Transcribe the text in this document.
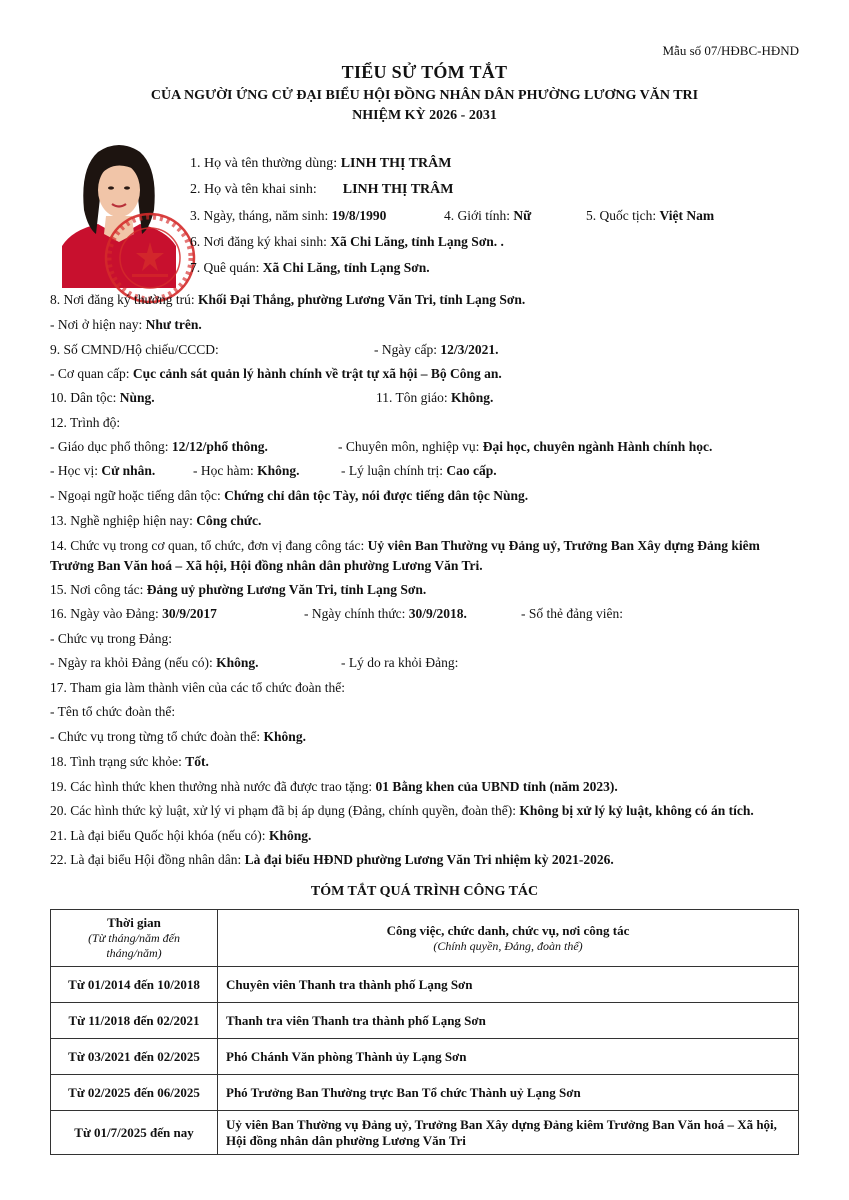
Mẫu số 07/HĐBC-HĐND
TIỂU SỬ TÓM TẮT
CỦA NGƯỜI ỨNG CỬ ĐẠI BIỂU HỘI ĐỒNG NHÂN DÂN PHƯỜNG LƯƠNG VĂN TRI
NHIỆM KỲ 2026 - 2031
1. Họ và tên thường dùng: LINH THỊ TRÂM
2. Họ và tên khai sinh: LINH THỊ TRÂM
3. Ngày, tháng, năm sinh: 19/8/1990	4. Giới tính: Nữ	5. Quốc tịch: Việt Nam
6. Nơi đăng ký khai sinh: Xã Chi Lăng, tỉnh Lạng Sơn. .
7. Quê quán: Xã Chi Lăng, tỉnh Lạng Sơn.
8. Nơi đăng ký thường trú: Khối Đại Thắng, phường Lương Văn Tri, tỉnh Lạng Sơn.
- Nơi ở hiện nay: Như trên.
9. Số CMND/Hộ chiếu/CCCD:	- Ngày cấp: 12/3/2021.
- Cơ quan cấp: Cục cảnh sát quản lý hành chính về trật tự xã hội – Bộ Công an.
10. Dân tộc: Nùng.	11. Tôn giáo: Không.
12. Trình độ:
- Giáo dục phổ thông: 12/12/phổ thông.	- Chuyên môn, nghiệp vụ: Đại học, chuyên ngành Hành chính học.
- Học vị: Cử nhân.	- Học hàm: Không.	- Lý luận chính trị: Cao cấp.
- Ngoại ngữ hoặc tiếng dân tộc: Chứng chỉ dân tộc Tày, nói được tiếng dân tộc Nùng.
13. Nghề nghiệp hiện nay: Công chức.
14. Chức vụ trong cơ quan, tổ chức, đơn vị đang công tác: Uỷ viên Ban Thường vụ Đảng uỷ, Trưởng Ban Xây dựng Đảng kiêm Trưởng Ban Văn hoá – Xã hội, Hội đồng nhân dân phường Lương Văn Tri.
15. Nơi công tác: Đảng uỷ phường Lương Văn Tri, tỉnh Lạng Sơn.
16. Ngày vào Đảng: 30/9/2017	- Ngày chính thức: 30/9/2018.	- Số thẻ đảng viên:
- Chức vụ trong Đảng:
- Ngày ra khỏi Đảng (nếu có): Không.	- Lý do ra khỏi Đảng:
17. Tham gia làm thành viên của các tổ chức đoàn thể:
- Tên tổ chức đoàn thể:
- Chức vụ trong từng tổ chức đoàn thể: Không.
18. Tình trạng sức khỏe: Tốt.
19. Các hình thức khen thưởng nhà nước đã được trao tặng: 01 Bằng khen của UBND tỉnh (năm 2023).
20. Các hình thức kỷ luật, xử lý vi phạm đã bị áp dụng (Đảng, chính quyền, đoàn thể): Không bị xử lý kỷ luật, không có án tích.
21. Là đại biểu Quốc hội khóa (nếu có): Không.
22. Là đại biểu Hội đồng nhân dân: Là đại biểu HĐND phường Lương Văn Tri nhiệm kỳ 2021-2026.
TÓM TẮT QUÁ TRÌNH CÔNG TÁC
Thời gian
(Từ tháng/năm đến tháng/năm)	Công việc, chức danh, chức vụ, nơi công tác
(Chính quyền, Đảng, đoàn thể)

Từ 01/2014 đến 10/2018	Chuyên viên Thanh tra thành phố Lạng Sơn
Từ 11/2018 đến 02/2021	Thanh tra viên Thanh tra thành phố Lạng Sơn
Từ 03/2021 đến 02/2025	Phó Chánh Văn phòng Thành ủy Lạng Sơn
Từ 02/2025 đến 06/2025	Phó Trưởng Ban Thường trực Ban Tổ chức Thành uỷ Lạng Sơn
Từ 01/7/2025 đến nay	Uỷ viên Ban Thường vụ Đảng uỷ, Trưởng Ban Xây dựng Đảng kiêm Trưởng Ban Văn hoá – Xã hội, Hội đồng nhân dân phường Lương Văn Tri
